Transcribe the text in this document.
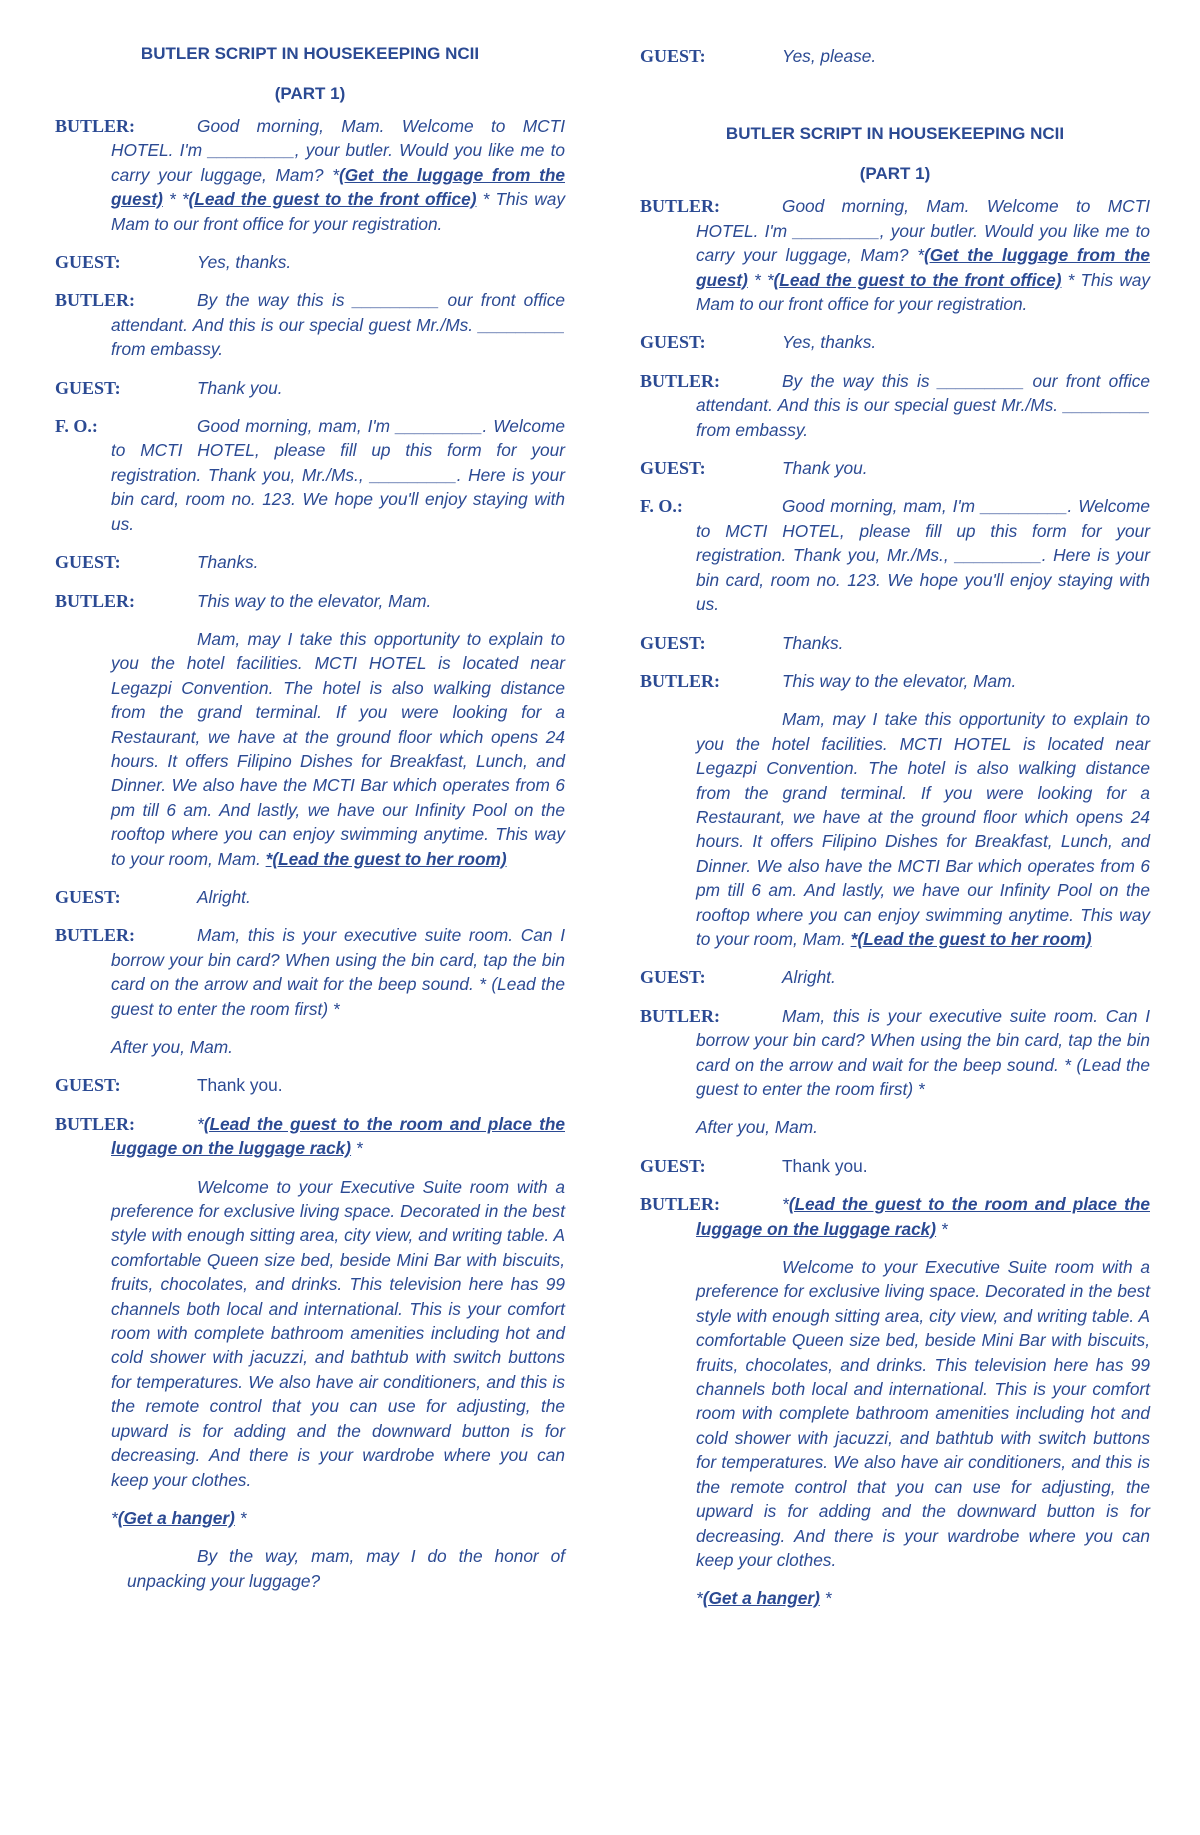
BUTLER SCRIPT IN HOUSEKEEPING NCII

(PART 1)

BUTLER:	Good morning, Mam. Welcome to MCTI HOTEL. I'm _________, your butler. Would you like me to carry your luggage, Mam? *(Get the luggage from the guest) * *(Lead the guest to the front office) * This way Mam to our front office for your registration.

GUEST:	Yes, thanks.

BUTLER:	By the way this is _________ our front office attendant. And this is our special guest Mr./Ms. _________ from embassy.

GUEST:	Thank you.

F. O.:	Good morning, mam, I'm _________. Welcome to MCTI HOTEL, please fill up this form for your registration. Thank you, Mr./Ms., _________. Here is your bin card, room no. 123. We hope you'll enjoy staying with us.

GUEST:	Thanks.

BUTLER:	This way to the elevator, Mam.

Mam, may I take this opportunity to explain to you the hotel facilities. MCTI HOTEL is located near Legazpi Convention. The hotel is also walking distance from the grand terminal. If you were looking for a Restaurant, we have at the ground floor which opens 24 hours. It offers Filipino Dishes for Breakfast, Lunch, and Dinner. We also have the MCTI Bar which operates from 6 pm till 6 am. And lastly, we have our Infinity Pool on the rooftop where you can enjoy swimming anytime. This way to your room, Mam. *(Lead the guest to her room)

GUEST:	Alright.

BUTLER:	Mam, this is your executive suite room. Can I borrow your bin card? When using the bin card, tap the bin card on the arrow and wait for the beep sound. * (Lead the guest to enter the room first) *

After you, Mam.

GUEST:	Thank you.

BUTLER:	*(Lead the guest to the room and place the luggage on the luggage rack) *

Welcome to your Executive Suite room with a preference for exclusive living space. Decorated in the best style with enough sitting area, city view, and writing table. A comfortable Queen size bed, beside Mini Bar with biscuits, fruits, chocolates, and drinks. This television here has 99 channels both local and international. This is your comfort room with complete bathroom amenities including hot and cold shower with jacuzzi, and bathtub with switch buttons for temperatures. We also have air conditioners, and this is the remote control that you can use for adjusting, the upward is for adding and the downward button is for decreasing. And there is your wardrobe where you can keep your clothes.

*(Get a hanger) *

By the way, mam, may I do the honor of unpacking your luggage?

GUEST:	Yes, please.

BUTLER SCRIPT IN HOUSEKEEPING NCII

(PART 1)

BUTLER:	Good morning, Mam. Welcome to MCTI HOTEL. I'm _________, your butler. Would you like me to carry your luggage, Mam? *(Get the luggage from the guest) * *(Lead the guest to the front office) * This way Mam to our front office for your registration.

GUEST:	Yes, thanks.

BUTLER:	By the way this is _________ our front office attendant. And this is our special guest Mr./Ms. _________ from embassy.

GUEST:	Thank you.

F. O.:	Good morning, mam, I'm _________. Welcome to MCTI HOTEL, please fill up this form for your registration. Thank you, Mr./Ms., _________. Here is your bin card, room no. 123. We hope you'll enjoy staying with us.

GUEST:	Thanks.

BUTLER:	This way to the elevator, Mam.

Mam, may I take this opportunity to explain to you the hotel facilities. MCTI HOTEL is located near Legazpi Convention. The hotel is also walking distance from the grand terminal. If you were looking for a Restaurant, we have at the ground floor which opens 24 hours. It offers Filipino Dishes for Breakfast, Lunch, and Dinner. We also have the MCTI Bar which operates from 6 pm till 6 am. And lastly, we have our Infinity Pool on the rooftop where you can enjoy swimming anytime. This way to your room, Mam. *(Lead the guest to her room)

GUEST:	Alright.

BUTLER:	Mam, this is your executive suite room. Can I borrow your bin card? When using the bin card, tap the bin card on the arrow and wait for the beep sound. * (Lead the guest to enter the room first) *

After you, Mam.

GUEST:	Thank you.

BUTLER:	*(Lead the guest to the room and place the luggage on the luggage rack) *

Welcome to your Executive Suite room with a preference for exclusive living space. Decorated in the best style with enough sitting area, city view, and writing table. A comfortable Queen size bed, beside Mini Bar with biscuits, fruits, chocolates, and drinks. This television here has 99 channels both local and international. This is your comfort room with complete bathroom amenities including hot and cold shower with jacuzzi, and bathtub with switch buttons for temperatures. We also have air conditioners, and this is the remote control that you can use for adjusting, the upward is for adding and the downward button is for decreasing. And there is your wardrobe where you can keep your clothes.

*(Get a hanger) *
